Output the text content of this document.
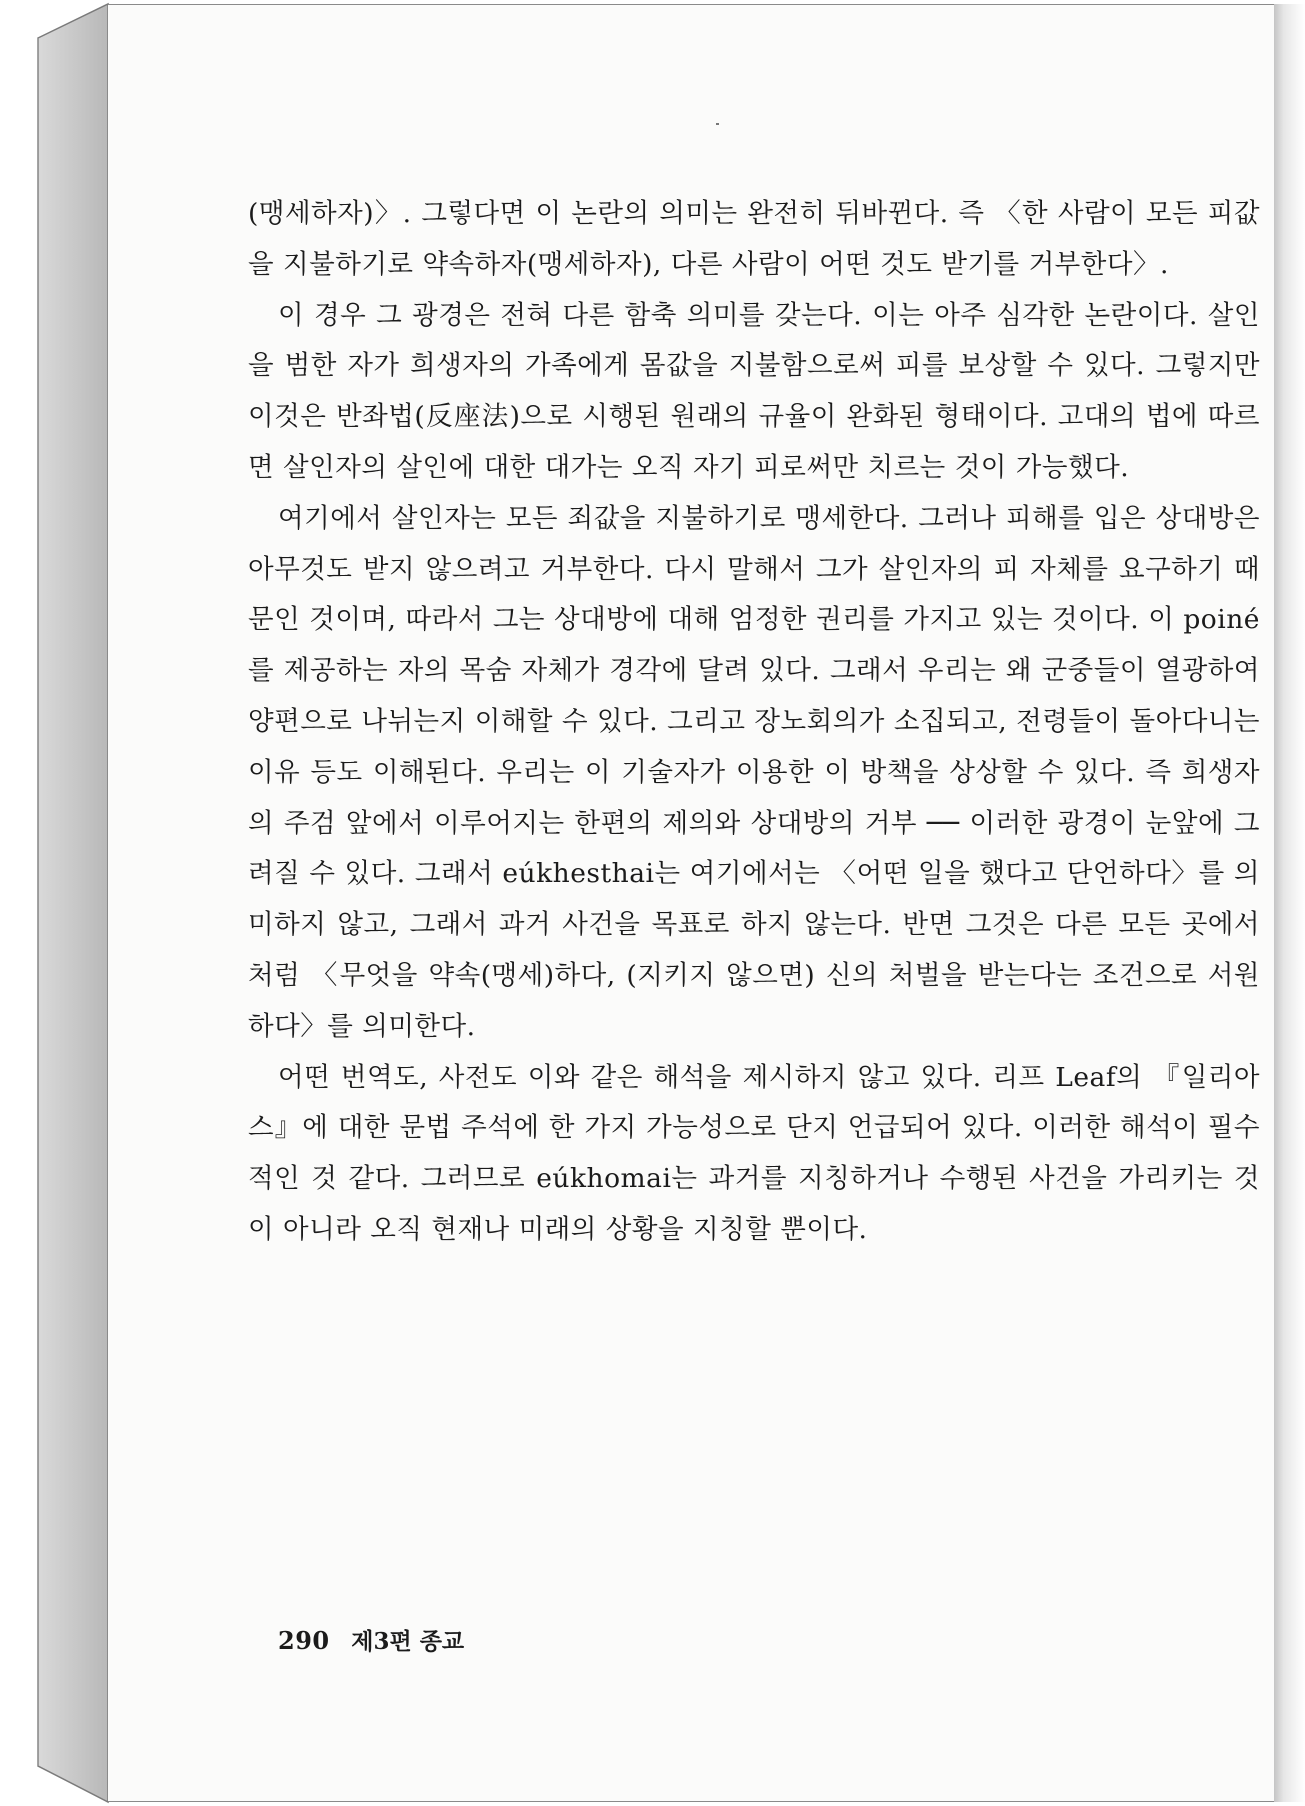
(맹세하자)〉. 그렇다면 이 논란의 의미는 완전히 뒤바뀐다. 즉 〈한 사람이 모든 피값을 지불하기로 약속하자(맹세하자), 다른 사람이 어떤 것도 받기를 거부한다〉.

이 경우 그 광경은 전혀 다른 함축 의미를 갖는다. 이는 아주 심각한 논란이다. 살인을 범한 자가 희생자의 가족에게 몸값을 지불함으로써 피를 보상할 수 있다. 그렇지만 이것은 반좌법(反座法)으로 시행된 원래의 규율이 완화된 형태이다. 고대의 법에 따르면 살인자의 살인에 대한 대가는 오직 자기 피로써만 치르는 것이 가능했다.

여기에서 살인자는 모든 죄값을 지불하기로 맹세한다. 그러나 피해를 입은 상대방은 아무것도 받지 않으려고 거부한다. 다시 말해서 그가 살인자의 피 자체를 요구하기 때문인 것이며, 따라서 그는 상대방에 대해 엄정한 권리를 가지고 있는 것이다. 이 poiné를 제공하는 자의 목숨 자체가 경각에 달려 있다. 그래서 우리는 왜 군중들이 열광하여 양편으로 나뉘는지 이해할 수 있다. 그리고 장노회의가 소집되고, 전령들이 돌아다니는 이유 등도 이해된다. 우리는 이 기술자가 이용한 이 방책을 상상할 수 있다. 즉 희생자의 주검 앞에서 이루어지는 한편의 제의와 상대방의 거부 ── 이러한 광경이 눈앞에 그려질 수 있다. 그래서 eúkhesthai는 여기에서는 〈어떤 일을 했다고 단언하다〉를 의미하지 않고, 그래서 과거 사건을 목표로 하지 않는다. 반면 그것은 다른 모든 곳에서처럼 〈무엇을 약속(맹세)하다, (지키지 않으면) 신의 처벌을 받는다는 조건으로 서원하다〉를 의미한다.

어떤 번역도, 사전도 이와 같은 해석을 제시하지 않고 있다. 리프 Leaf의 『일리아스』에 대한 문법 주석에 한 가지 가능성으로 단지 언급되어 있다. 이러한 해석이 필수적인 것 같다. 그러므로 eúkhomai는 과거를 지칭하거나 수행된 사건을 가리키는 것이 아니라 오직 현재나 미래의 상황을 지칭할 뿐이다.

290 제3편 종교
